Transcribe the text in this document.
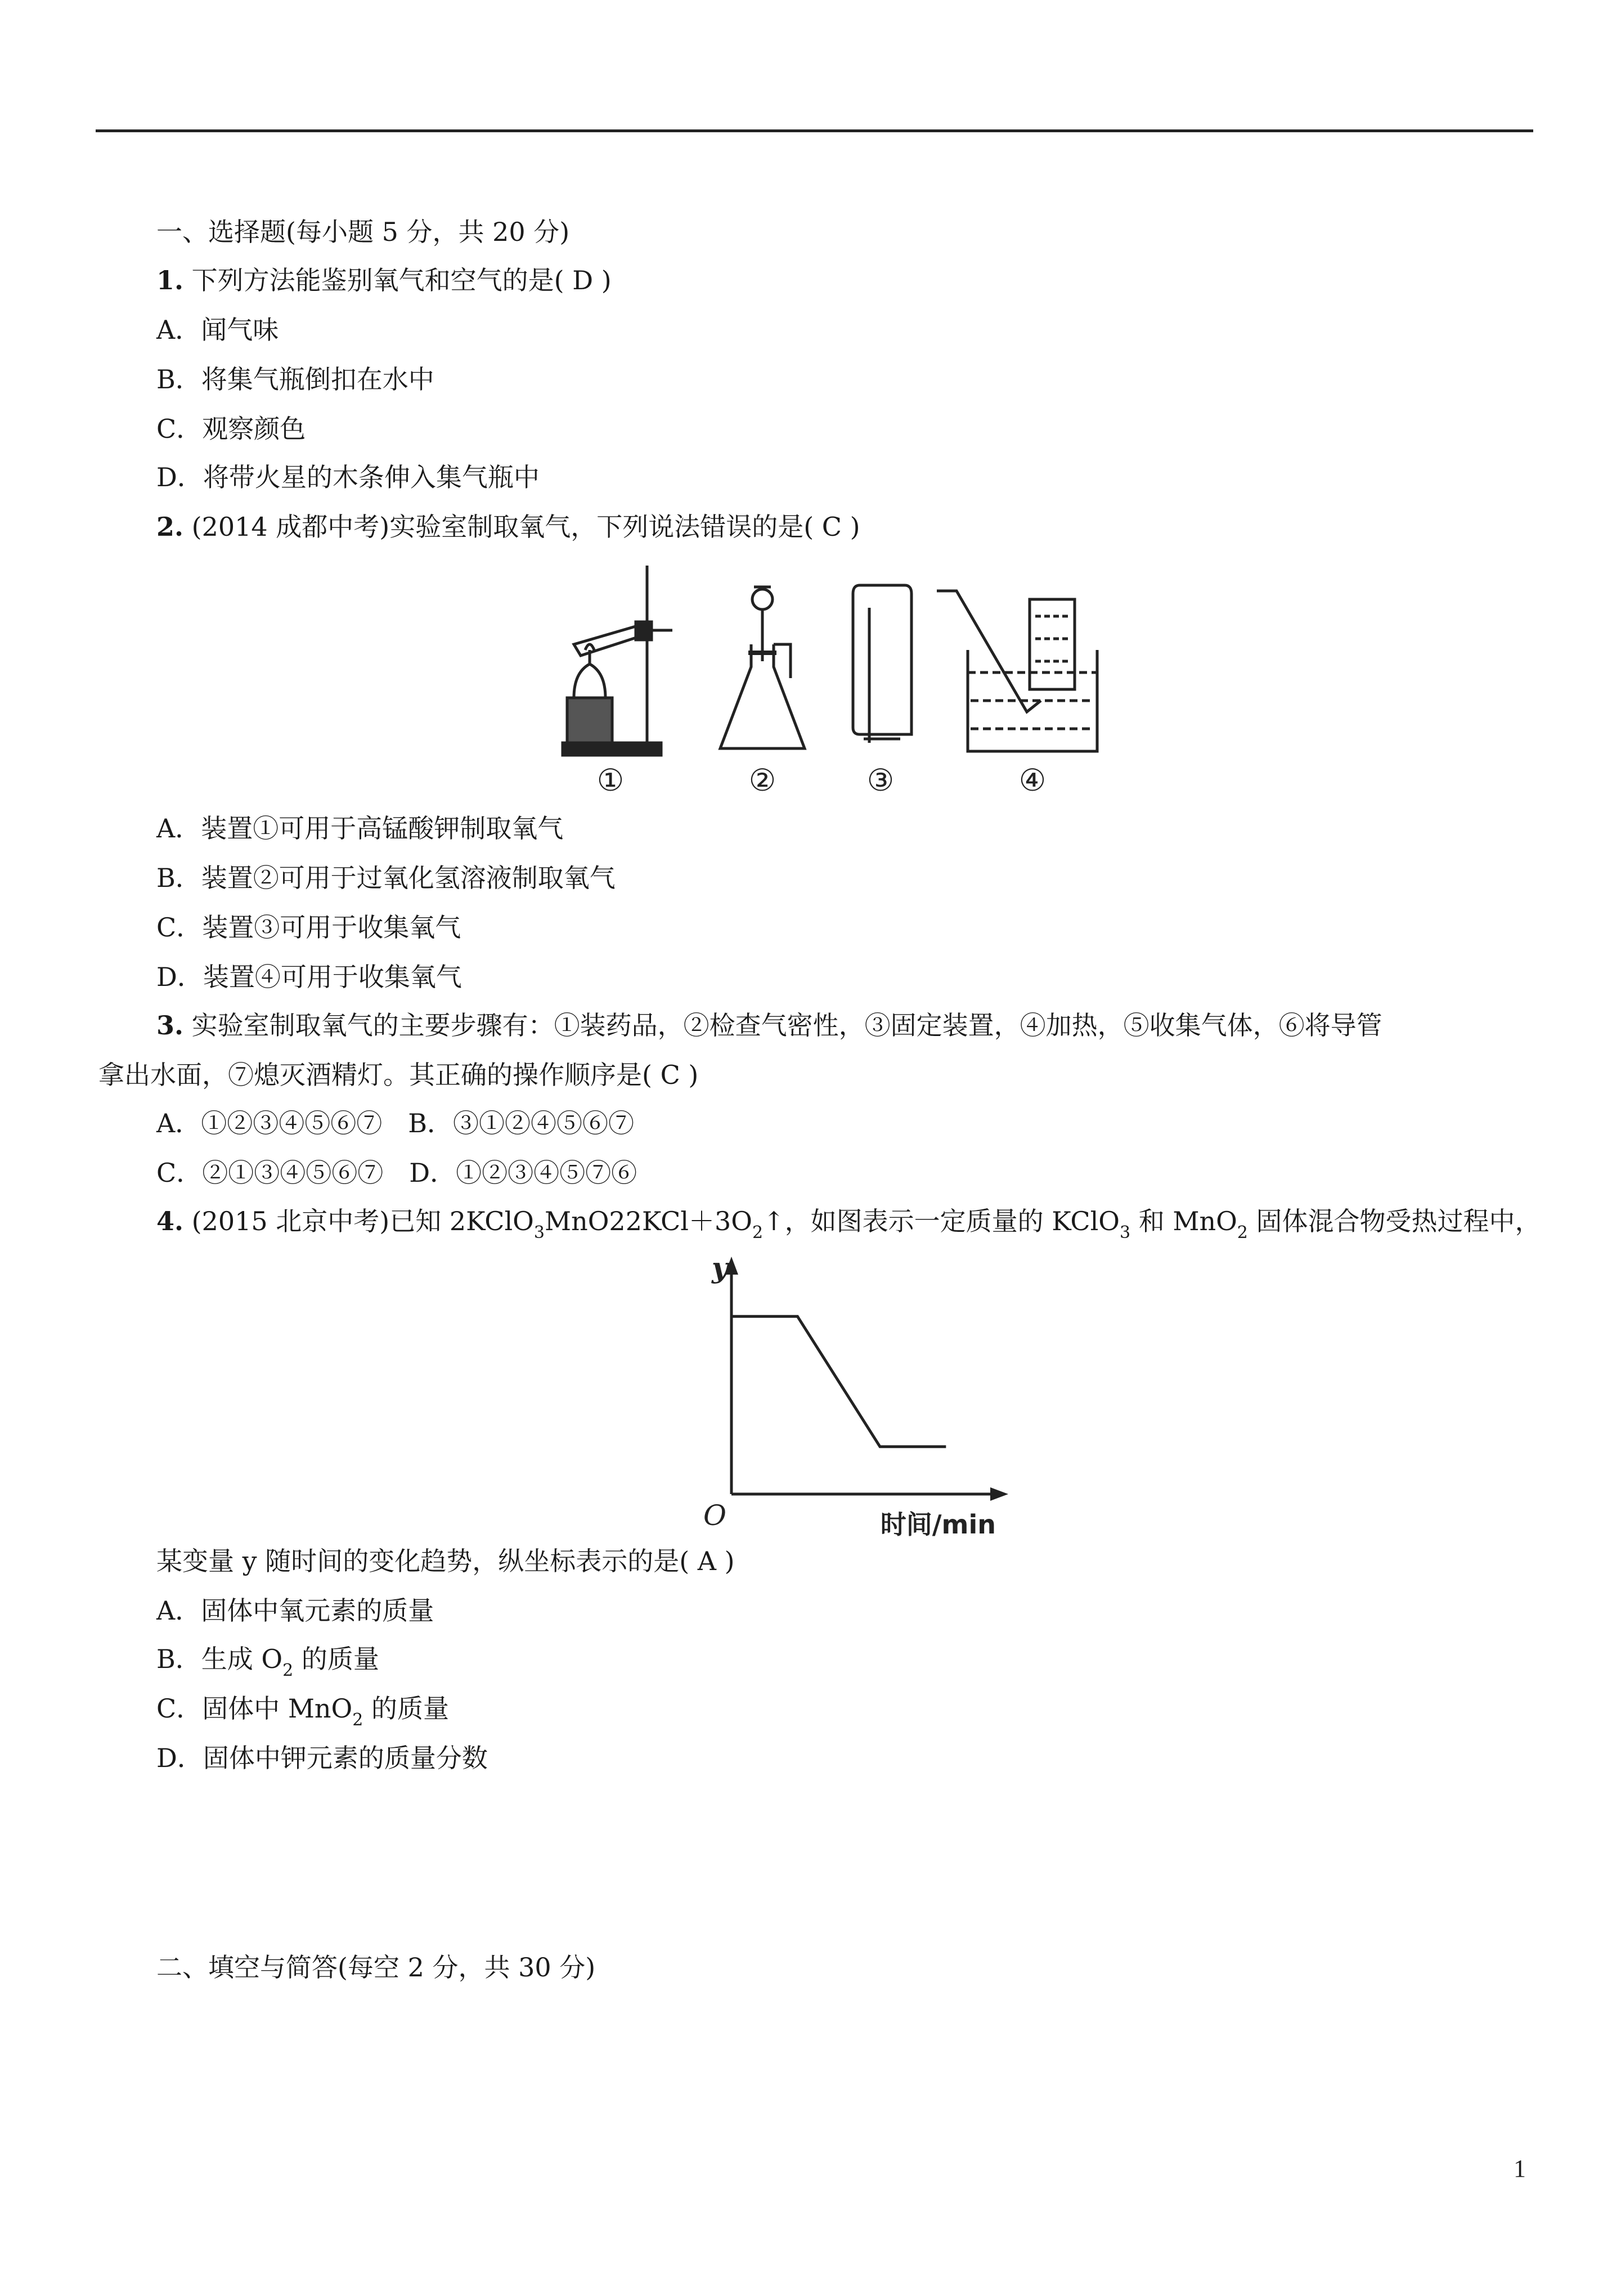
一、选择题(每小题 5 分，共 20 分)
1. 下列方法能鉴别氧气和空气的是( D )
A．闻气味
B．将集气瓶倒扣在水中
C．观察颜色
D．将带火星的木条伸入集气瓶中
2. (2014 成都中考)实验室制取氧气，下列说法错误的是( C )
①	②	③	④
A．装置①可用于高锰酸钾制取氧气
B．装置②可用于过氧化氢溶液制取氧气
C．装置③可用于收集氧气
D．装置④可用于收集氧气
3. 实验室制取氧气的主要步骤有：①装药品，②检查气密性，③固定装置，④加热，⑤收集气体，⑥将导管
拿出水面，⑦熄灭酒精灯。其正确的操作顺序是( C )
A．①②③④⑤⑥⑦　B．③①②④⑤⑥⑦
C．②①③④⑤⑥⑦　D．①②③④⑤⑦⑥
4. (2015 北京中考)已知 $2KClO_3MnO22KCl+3O_2↑$，如图表示一定质量的 KClO$_3$ 和 MnO$_2$ 固体混合物受热过程中，
y
O	时间/min
某变量 y 随时间的变化趋势，纵坐标表示的是( A )
A．固体中氧元素的质量
B．生成 $O_2$ 的质量
C．固体中 MnO$_2$ 的质量
D．固体中钾元素的质量分数
二、填空与简答(每空 2 分，共 30 分)
1
